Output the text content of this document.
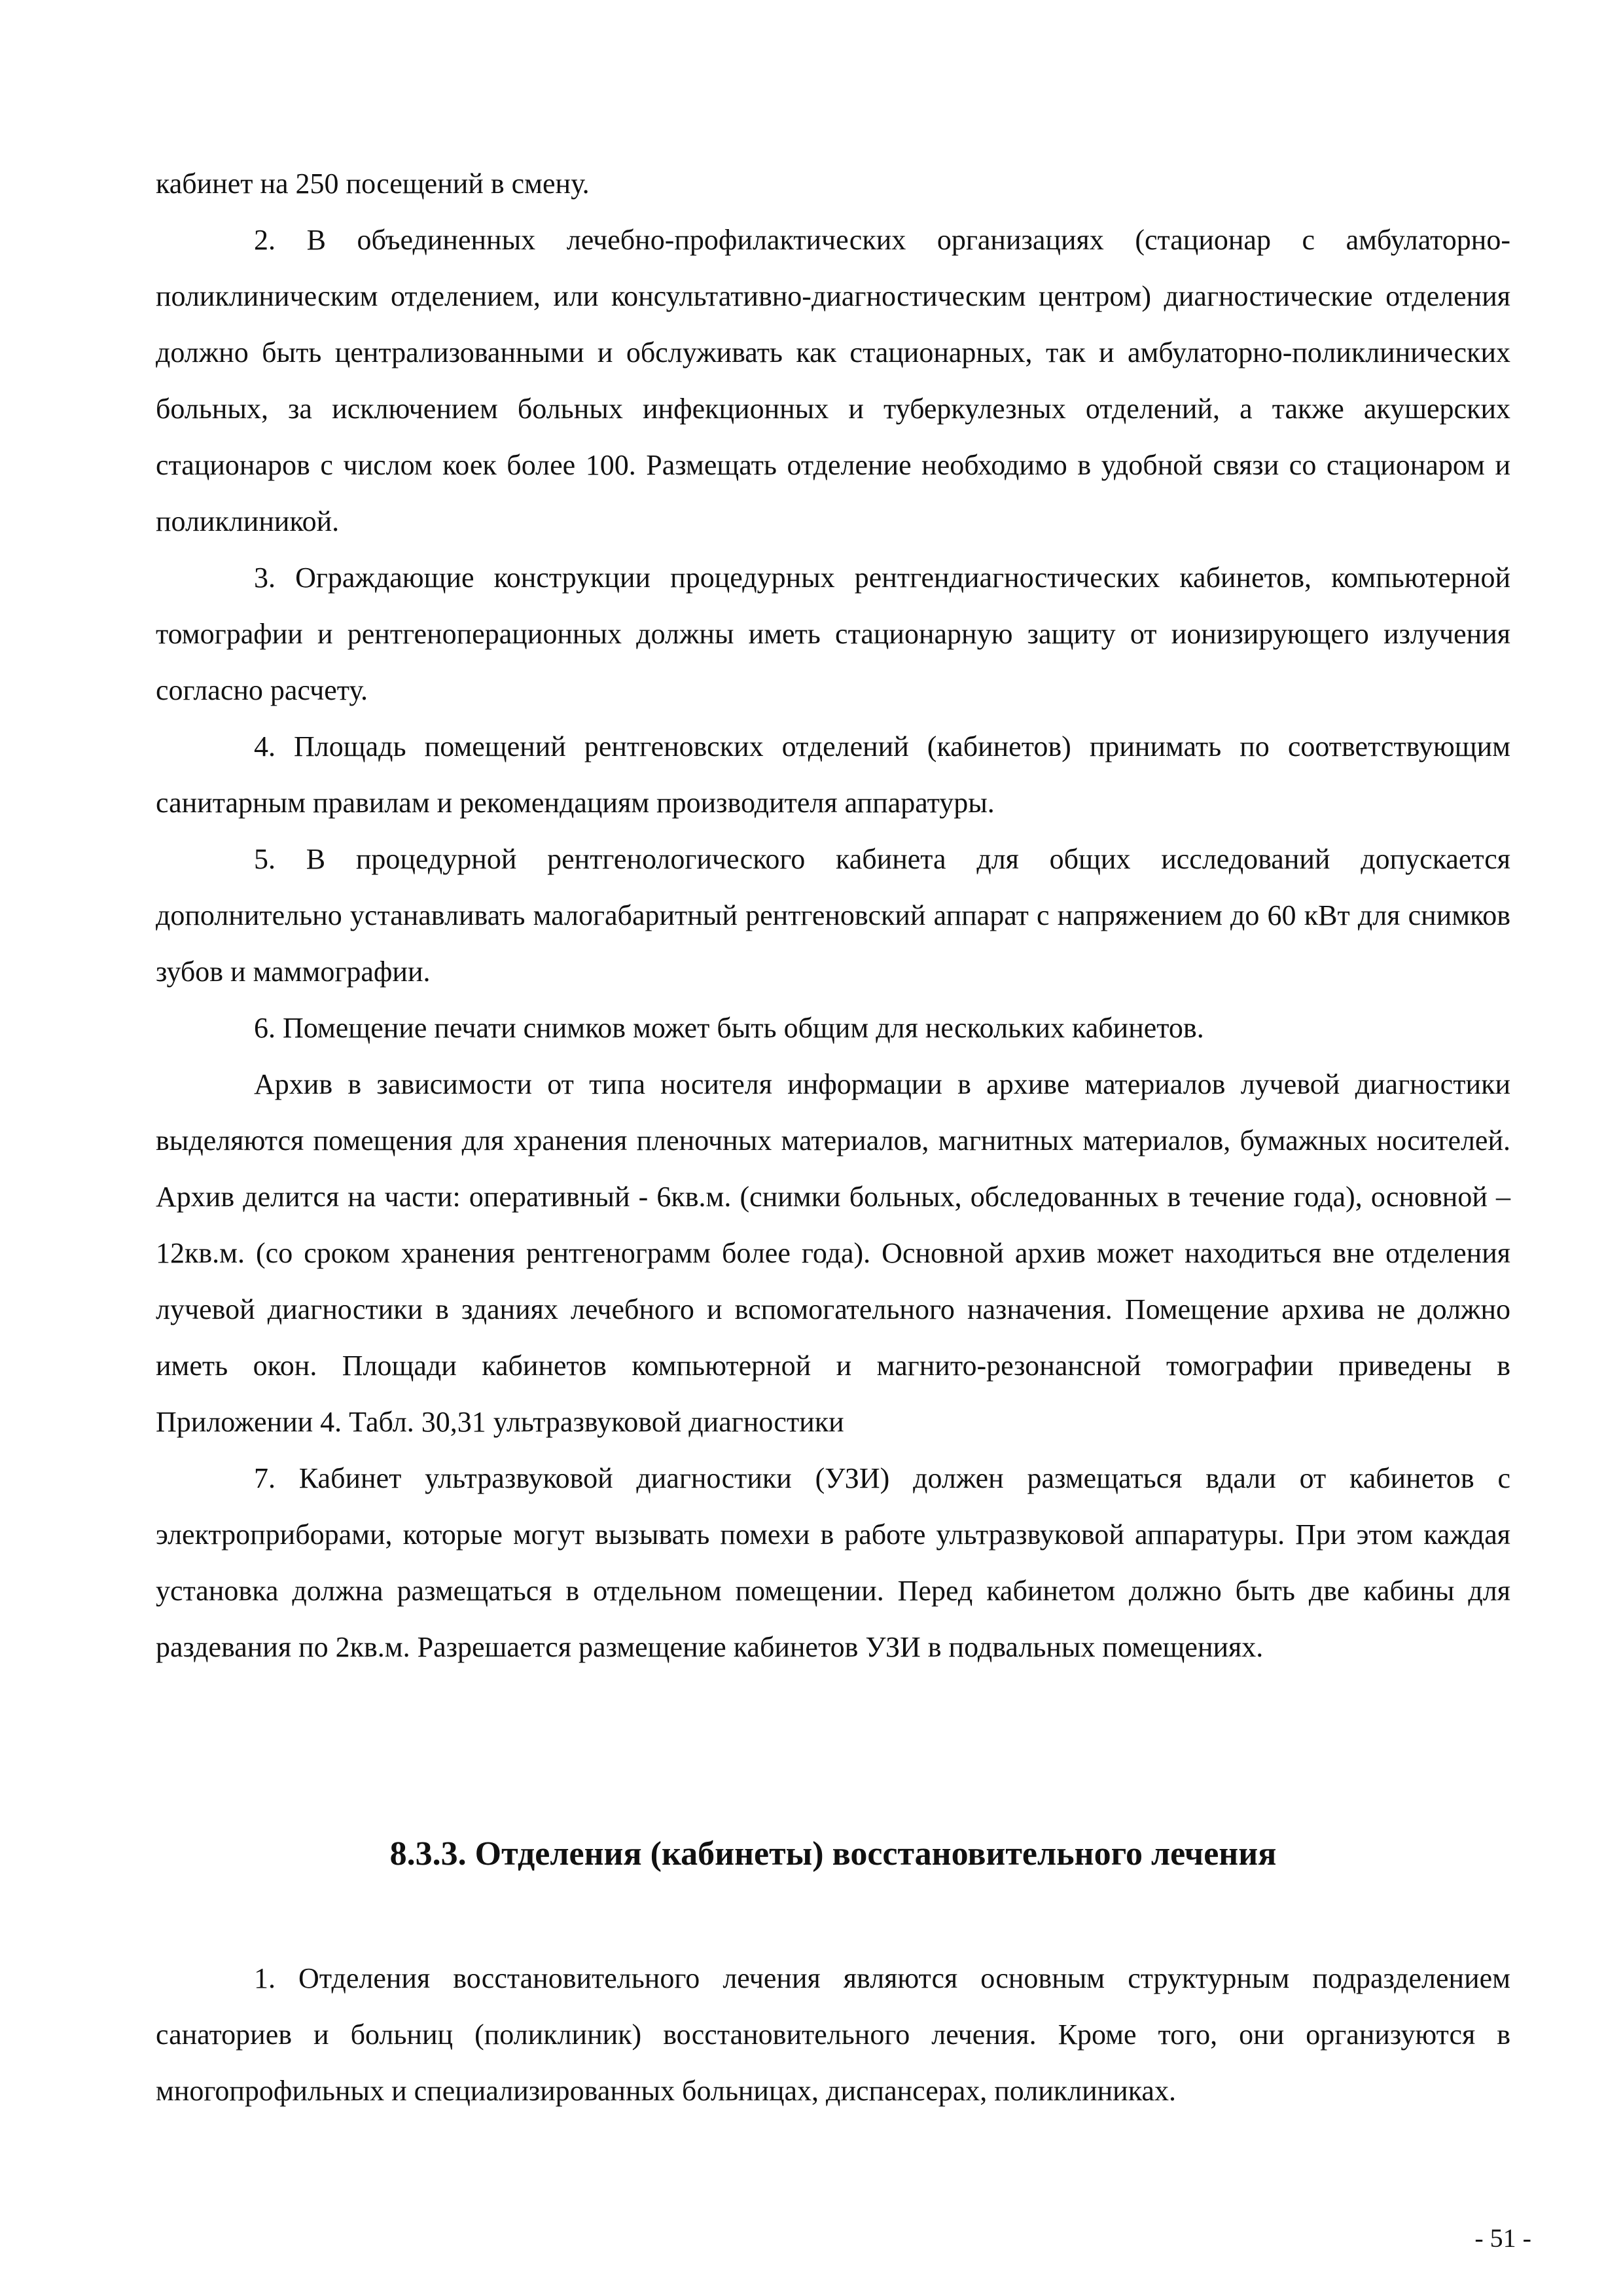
кабинет на 250 посещений в смену.

2. В объединенных лечебно-профилактических организациях (стационар с амбулаторно-поликлиническим отделением, или консультативно-диагностическим центром) диагностические отделения должно быть централизованными и обслуживать как стационарных, так и амбулаторно-поликлинических больных, за исключением больных инфекционных и туберкулезных отделений, а также акушерских стационаров с числом коек более 100. Размещать отделение необходимо в удобной связи со стационаром и поликлиникой.

3. Ограждающие конструкции процедурных рентгендиагностических кабинетов, компьютерной томографии и рентгеноперационных должны иметь стационарную защиту от ионизирующего излучения согласно расчету.

4. Площадь помещений рентгеновских отделений (кабинетов) принимать по соответствующим санитарным правилам и рекомендациям производителя аппаратуры.

5. В процедурной рентгенологического кабинета для общих исследований допускается дополнительно устанавливать малогабаритный рентгеновский аппарат с напряжением до 60 кВт для снимков зубов и маммографии.

6. Помещение печати снимков может быть общим для нескольких кабинетов.

Архив в зависимости от типа носителя информации в архиве материалов лучевой диагностики выделяются помещения для хранения пленочных материалов, магнитных материалов, бумажных носителей. Архив делится на части: оперативный - 6кв.м. (снимки больных, обследованных в течение года), основной – 12кв.м. (со сроком хранения рентгенограмм более года). Основной архив может находиться вне отделения лучевой диагностики в зданиях лечебного и вспомогательного назначения. Помещение архива не должно иметь окон. Площади кабинетов компьютерной и магнито-резонансной томографии приведены в Приложении 4. Табл. 30,31 ультразвуковой диагностики

7. Кабинет ультразвуковой диагностики (УЗИ) должен размещаться вдали от кабинетов с электроприборами, которые могут вызывать помехи в работе ультразвуковой аппаратуры. При этом каждая установка должна размещаться в отдельном помещении. Перед кабинетом должно быть две кабины для раздевания по 2кв.м. Разрешается размещение кабинетов УЗИ в подвальных помещениях.

8.3.3. Отделения (кабинеты) восстановительного лечения

1. Отделения восстановительного лечения являются основным структурным подразделением санаториев и больниц (поликлиник) восстановительного лечения. Кроме того, они организуются в многопрофильных и специализированных больницах, диспансерах, поликлиниках.

- 51 -
